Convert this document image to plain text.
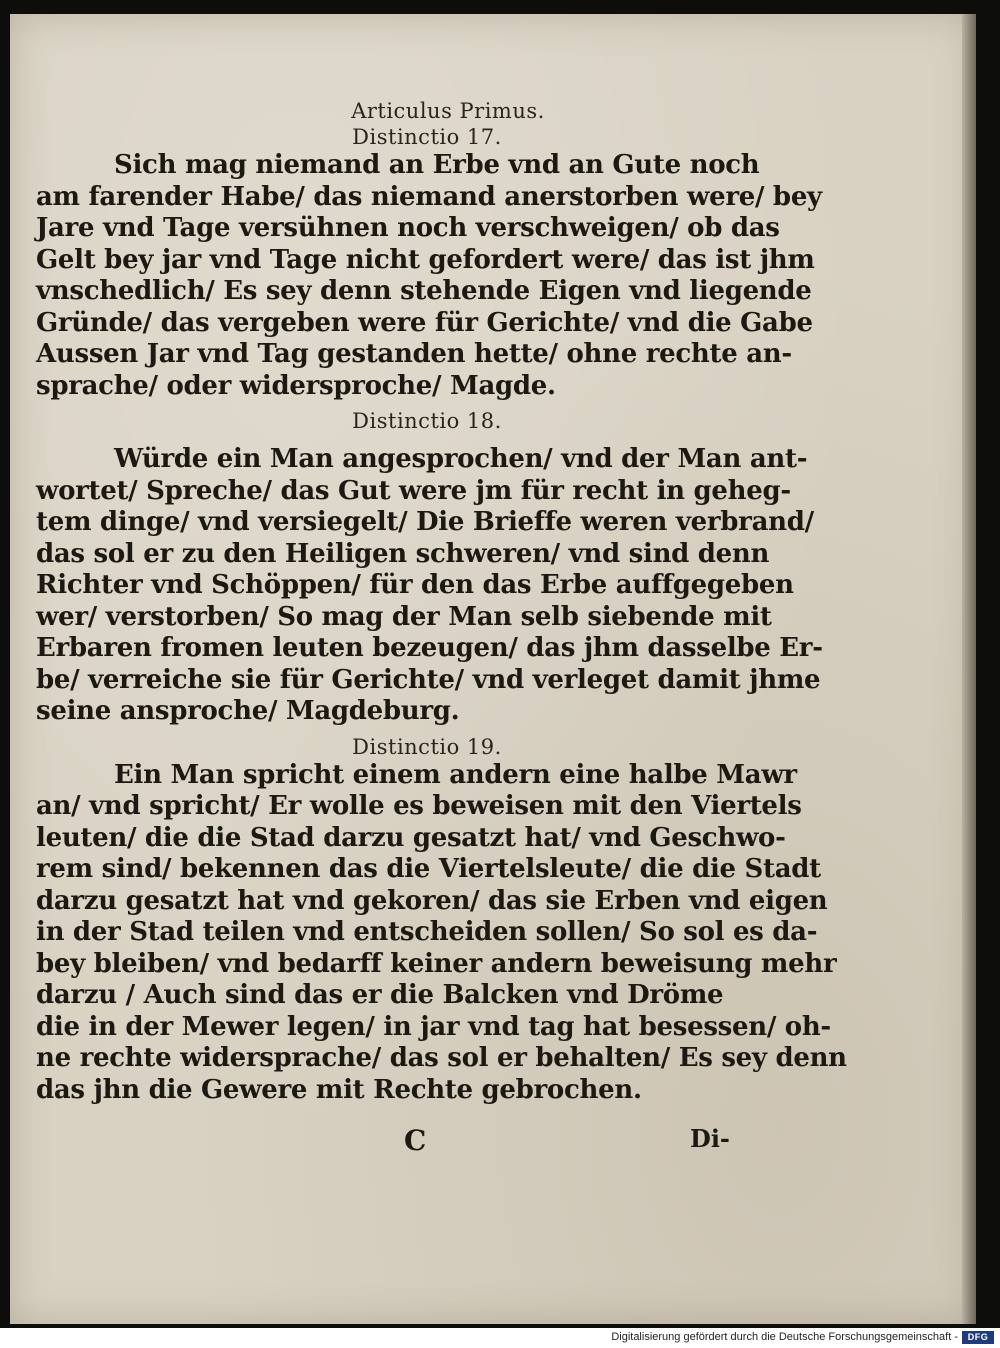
Articulus Primus.
Distinctio 17.
Sich mag niemand an Erbe vnd an Gute noch
am farender Habe/ das niemand anerstorben were/ bey
Jare vnd Tage versühnen noch verschweigen/ ob das
Gelt bey jar vnd Tage nicht gefordert were/ das ist jhm
vnschedlich/ Es sey denn stehende Eigen vnd liegende
Gründe/ das vergeben were für Gerichte/ vnd die Gabe
Aussen Jar vnd Tag gestanden hette/ ohne rechte an-
sprache/ oder widersproche/ Magde.
Distinctio 18.
Würde ein Man angesprochen/ vnd der Man ant-
wortet/ Spreche/ das Gut were jm für recht in geheg-
tem dinge/ vnd versiegelt/ Die Brieffe weren verbrand/
das sol er zu den Heiligen schweren/ vnd sind denn
Richter vnd Schöppen/ für den das Erbe auffgegeben
wer/ verstorben/ So mag der Man selb siebende mit
Erbaren fromen leuten bezeugen/ das jhm dasselbe Er-
be/ verreiche sie für Gerichte/ vnd verleget damit jhme
seine ansproche/ Magdeburg.
Distinctio 19.
Ein Man spricht einem andern eine halbe Mawr
an/ vnd spricht/ Er wolle es beweisen mit den Viertels
leuten/ die die Stad darzu gesatzt hat/ vnd Geschwo-
rem sind/ bekennen das die Viertelsleute/ die die Stadt
darzu gesatzt hat vnd gekoren/ das sie Erben vnd eigen
in der Stad teilen vnd entscheiden sollen/ So sol es da-
bey bleiben/ vnd bedarff keiner andern beweisung mehr
darzu / Auch sind das er die Balcken vnd Dröme
die in der Mewer legen/ in jar vnd tag hat besessen/ oh-
ne rechte widersprache/ das sol er behalten/ Es sey denn
das jhn die Gewere mit Rechte gebrochen.
C	Di-
Digitalisierung gefördert durch die Deutsche Forschungsgemeinschaft -	DFG
